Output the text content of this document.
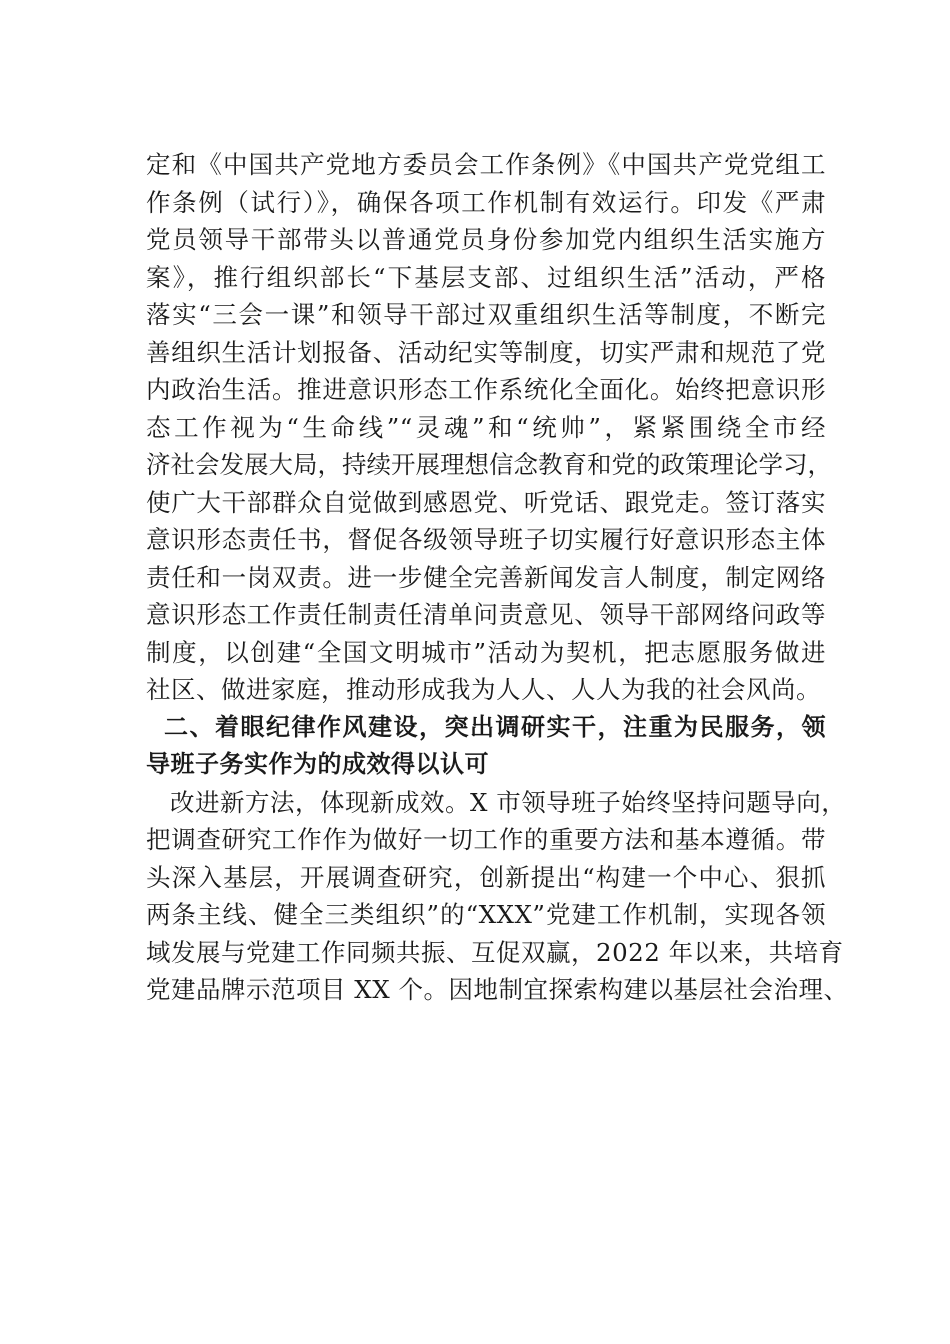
定和《中国共产党地方委员会工作条例》《中国共产党党组工
作条例（试行）》，确保各项工作机制有效运行。印发《严肃
党员领导干部带头以普通党员身份参加党内组织生活实施方
案》，推行组织部长“下基层支部、过组织生活”活动，严格
落实“三会一课”和领导干部过双重组织生活等制度，不断完
善组织生活计划报备、活动纪实等制度，切实严肃和规范了党
内政治生活。推进意识形态工作系统化全面化。始终把意识形
态工作视为“生命线”“灵魂”和“统帅”，紧紧围绕全市经
济社会发展大局，持续开展理想信念教育和党的政策理论学习，
使广大干部群众自觉做到感恩党、听党话、跟党走。签订落实
意识形态责任书，督促各级领导班子切实履行好意识形态主体
责任和一岗双责。进一步健全完善新闻发言人制度，制定网络
意识形态工作责任制责任清单问责意见、领导干部网络问政等
制度，以创建“全国文明城市”活动为契机，把志愿服务做进
社区、做进家庭，推动形成我为人人、人人为我的社会风尚。
二、着眼纪律作风建设，突出调研实干，注重为民服务，领
导班子务实作为的成效得以认可
改进新方法，体现新成效。X 市领导班子始终坚持问题导向，
把调查研究工作作为做好一切工作的重要方法和基本遵循。带
头深入基层，开展调查研究，创新提出“构建一个中心、狠抓
两条主线、健全三类组织”的“XXX”党建工作机制，实现各领
域发展与党建工作同频共振、互促双赢，2022 年以来，共培育
党建品牌示范项目 XX 个。因地制宜探索构建以基层社会治理、
